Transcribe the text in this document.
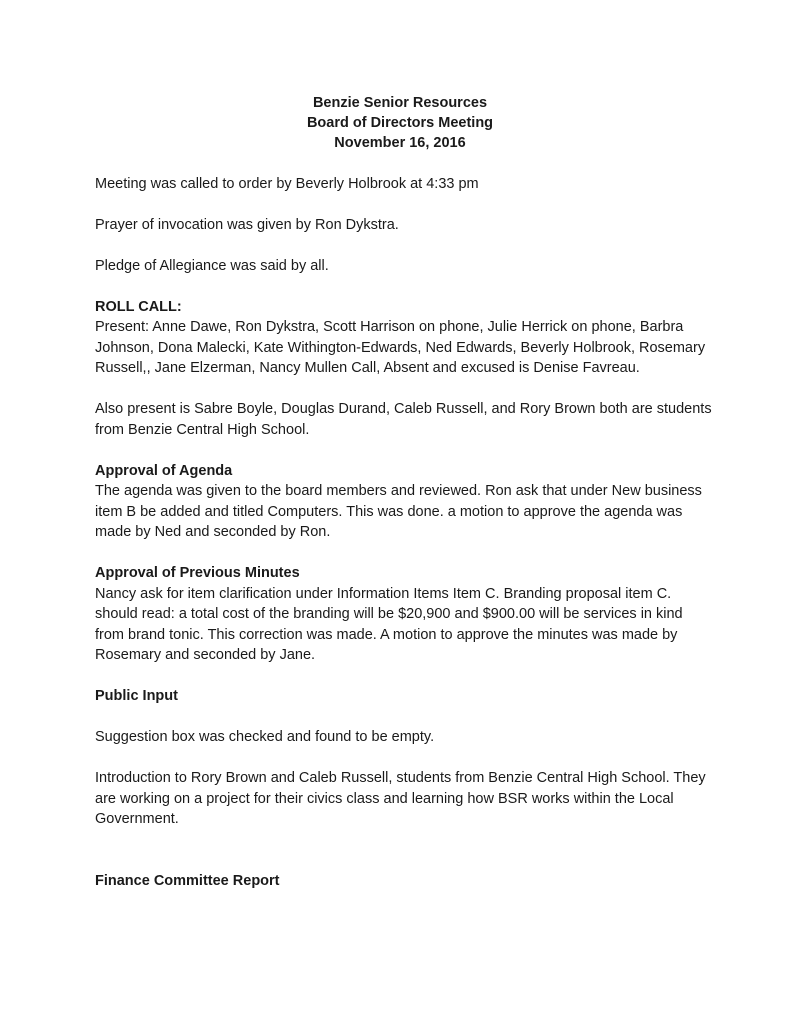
Benzie Senior Resources
Board of Directors Meeting
November 16, 2016

Meeting was called to order by Beverly Holbrook at 4:33 pm

Prayer of invocation was given by Ron Dykstra.

Pledge of Allegiance was said by all.

ROLL CALL:

Present: Anne Dawe, Ron Dykstra, Scott Harrison on phone, Julie Herrick on phone, Barbra Johnson, Dona Malecki, Kate Withington-Edwards, Ned Edwards, Beverly Holbrook, Rosemary Russell,, Jane Elzerman, Nancy Mullen Call, Absent and excused is Denise Favreau.

Also present is Sabre Boyle, Douglas Durand, Caleb Russell, and Rory Brown both are students from Benzie Central High School.

Approval of Agenda

The agenda was given to the board members and reviewed. Ron ask that under New business item B be added and titled Computers. This was done. a motion to approve the agenda was made by Ned and seconded by Ron.

Approval of Previous Minutes

Nancy ask for item clarification under Information Items Item C. Branding proposal item C. should read: a total cost of the branding will be $20,900 and $900.00 will be services in kind from brand tonic. This correction was made. A motion to approve the minutes was made by Rosemary and seconded by Jane.

Public Input

Suggestion box was checked and found to be empty.

Introduction to Rory Brown and Caleb Russell, students from Benzie Central High School. They are working on a project for their civics class and learning how BSR works within the Local Government.

Finance Committee Report
